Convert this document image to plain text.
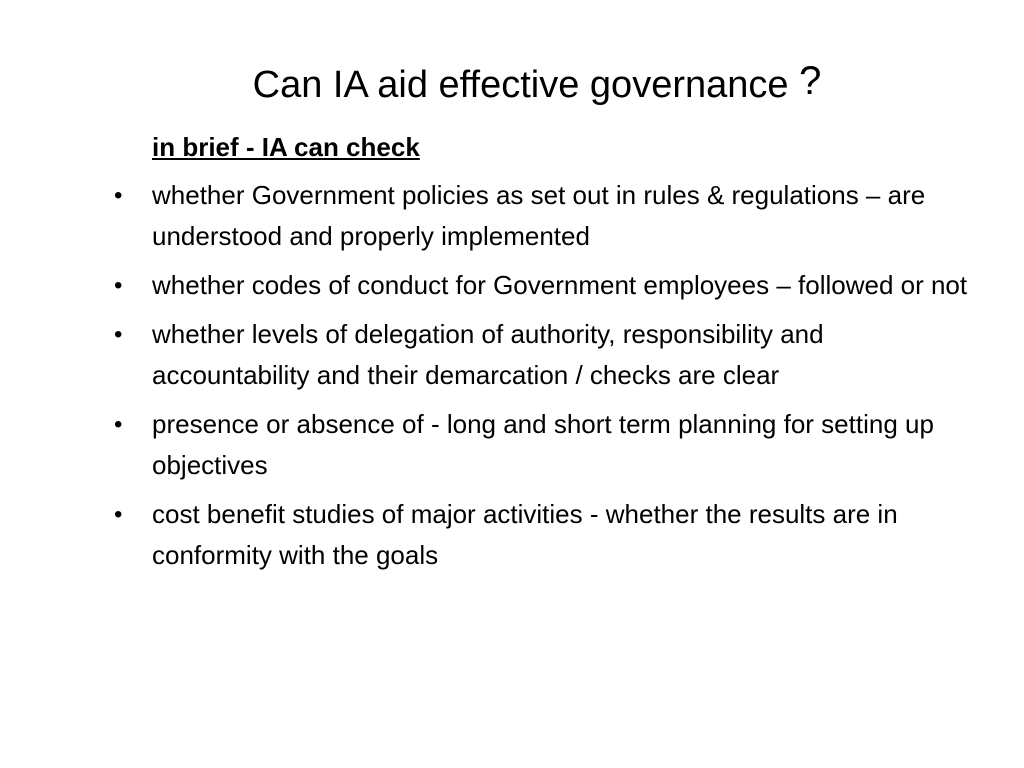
Can IA aid effective governance ?
in brief - IA can check
• whether Government policies as set out in rules & regulations – are understood and properly implemented
• whether codes of conduct for Government employees – followed or not
• whether levels of delegation of authority, responsibility and accountability and their demarcation / checks are clear
• presence or absence of - long and short term planning for setting up objectives
• cost benefit studies of major activities - whether the results are in conformity with the goals
